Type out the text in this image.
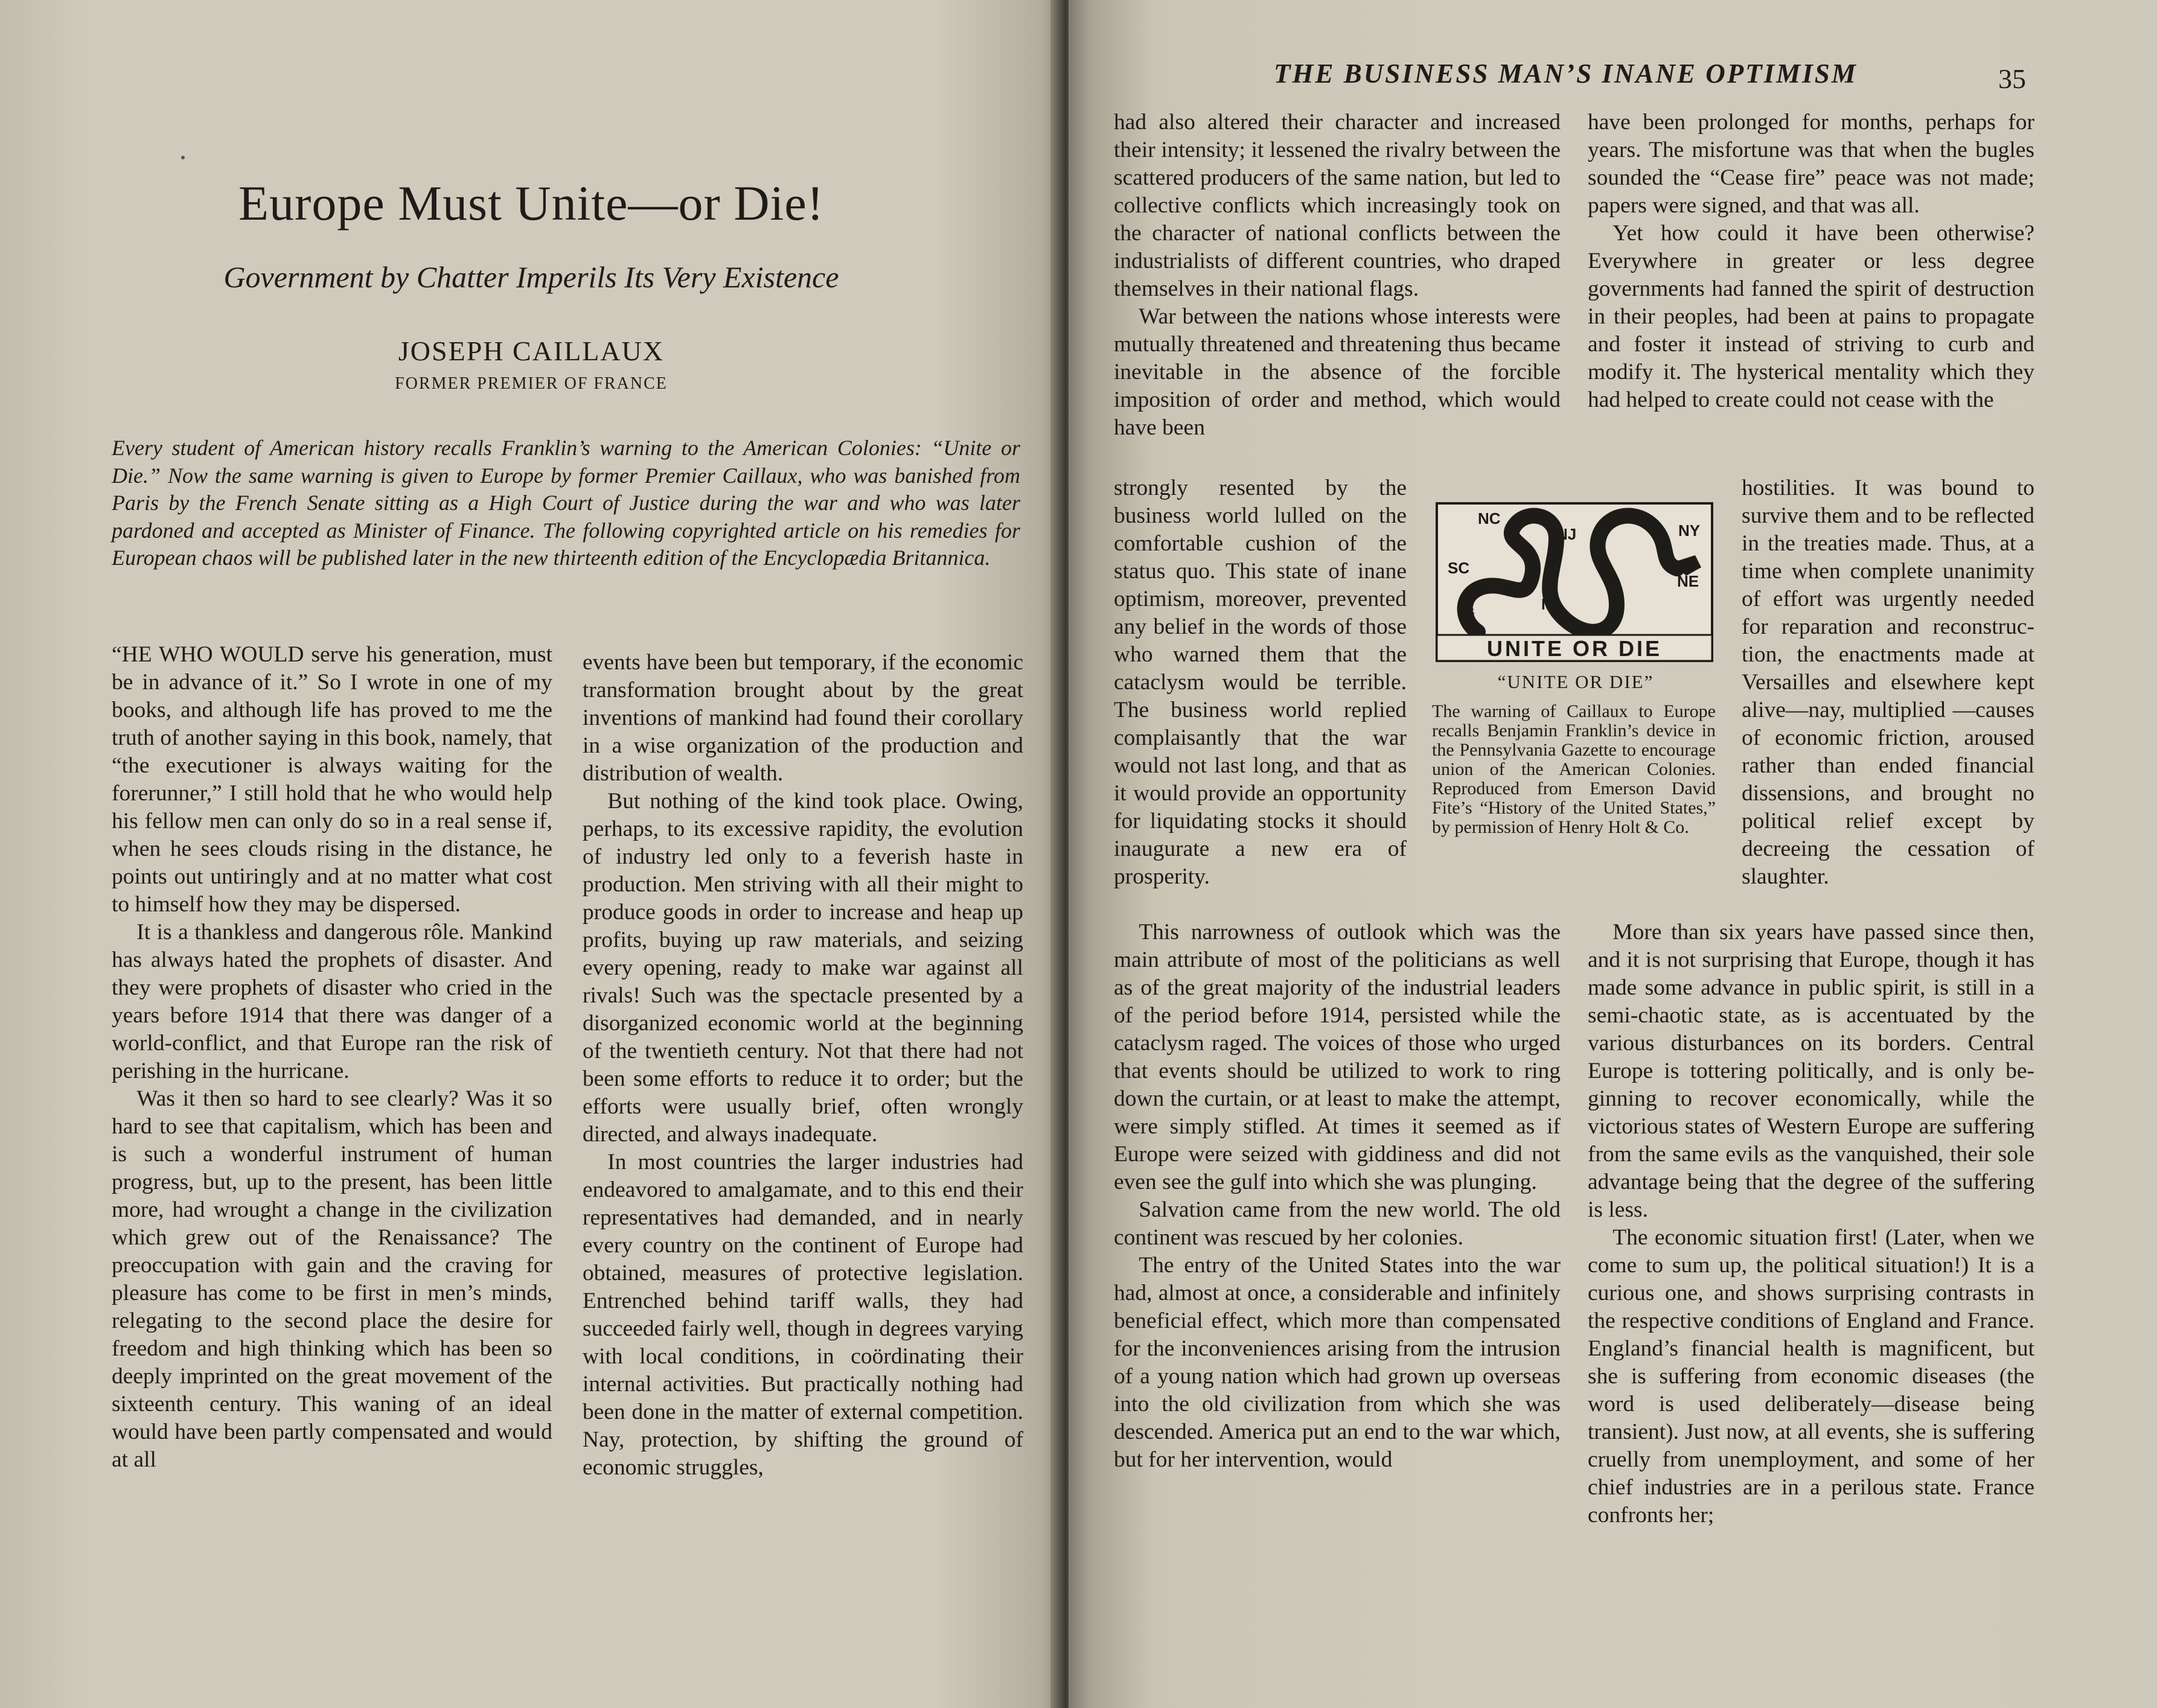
Europe Must Unite—or Die!
Government by Chatter Imperils Its Very Existence
JOSEPH CAILLAUX
FORMER PREMIER OF FRANCE
Every student of American history recalls Franklin’s warning to the American Colonies: “Unite or Die.” Now the same warning is given to Europe by former Premier Caillaux, who was banished from Paris by the French Senate sitting as a High Court of Justice during the war and who was later pardoned and accepted as Minister of Finance. The following copyrighted article on his remedies for European chaos will be published later in the new thirteenth edition of the Encyclopædia Britannica.

“HE WHO WOULD serve his generation, must be in advance of it.” So I wrote in one of my books, and although life has proved to me the truth of another saying in this book, namely, that “the executioner is always waiting for the forerunner,” I still hold that he who would help his fellow men can only do so in a real sense if, when he sees clouds rising in the distance, he points out untiringly and at no matter what cost to himself how they may be dispersed.

It is a thankless and dangerous rôle. Mankind has always hated the prophets of disaster. And they were prophets of disaster who cried in the years before 1914 that there was danger of a world-conflict, and that Europe ran the risk of perishing in the hurricane.

Was it then so hard to see clearly? Was it so hard to see that capitalism, which has been and is such a wonderful instrument of human progress, but, up to the present, has been little more, had wrought a change in the civilization which grew out of the Renaissance? The preoccupation with gain and the craving for pleasure has come to be first in men’s minds, relegating to the second place the desire for freedom and high thinking which has been so deeply imprinted on the great movement of the sixteenth century. This waning of an ideal would have been partly compensated and would at all

events have been but temporary, if the economic transformation brought about by the great inventions of mankind had found their corollary in a wise organization of the production and distribution of wealth.

But nothing of the kind took place. Owing, perhaps, to its excessive rapidity, the evolution of industry led only to a feverish haste in production. Men striving with all their might to produce goods in order to increase and heap up profits, buying up raw materials, and seizing every opening, ready to make war against all rivals! Such was the spectacle presented by a disorganized economic world at the beginning of the twentieth century. Not that there had not been some efforts to reduce it to order; but the efforts were usually brief, often wrongly directed, and always inadequate.

In most countries the larger industries had endeavored to amalgamate, and to this end their representatives had demanded, and in nearly every country on the continent of Europe had obtained, measures of protective legislation. Entrenched behind tariff walls, they had succeeded fairly well, though in degrees varying with local conditions, in coördinating their internal activities. But practically nothing had been done in the matter of external competition. Nay, protection, by shifting the ground of economic struggles,

THE BUSINESS MAN’S INANE OPTIMISM	35

had also altered their character and increased their intensity; it lessened the rivalry between the scattered producers of the same nation, but led to collective conflicts which increasingly took on the character of national conflicts between the industrialists of different countries, who draped themselves in their national flags.

War between the nations whose interests were mutually threatened and threatening thus became inevitable in the absence of the forcible imposition of order and method, which would have been

strongly resented by the business world lulled on the comfortable cushion of the status quo. This state of inane optimism, moreover, prevented any belief in the words of those who warned them that the cataclysm would be terrible. The business world replied complaisantly that the war would not last long, and that as it would provide an opportunity for liquidating stocks it should inaugurate a new era of prosperity.

This narrowness of outlook which was the main attribute of most of the politicians as well as of the great majority of the industrial leaders of the period before 1914, persisted while the cataclysm raged. The voices of those who urged that events should be utilized to work to ring down the curtain, or at least to make the attempt, were simply stifled. At times it seemed as if Europe were seized with giddiness and did not even see the gulf into which she was plunging.

Salvation came from the new world. The old continent was rescued by her colonies.

The entry of the United States into the war had, almost at once, a considerable and infinitely beneficial effect, which more than compensated for the inconveniences arising from the intrusion of a young nation which had grown up overseas into the old civilization from which she was descended. America put an end to the war which, but for her intervention, would

have been prolonged for months, perhaps for years. The misfortune was that when the bugles sounded the “Cease fire” peace was not made; papers were signed, and that was all.

Yet how could it have been otherwise? Everywhere in greater or less degree governments had fanned the spirit of destruction in their peoples, had been at pains to propagate and foster it instead of striving to curb and modify it. The hysterical mentality which they had helped to create could not cease with the

hostilities. It was bound to survive them and to be reflected in the treaties made. Thus, at a time when complete unanimity of effort was urgently needed for reparation and reconstruction, the enactments made at Versailles and elsewhere kept alive—nay, multiplied —causes of economic friction, aroused rather than ended financial dissensions, and brought no political relief except by decreeing the cessation of slaughter.

More than six years have passed since then, and it is not surprising that Europe, though it has made some advance in public spirit, is still in a semi-chaotic state, as is accentuated by the various disturbances on its borders. Central Europe is tottering politically, and is only beginning to recover economically, while the victorious states of Western Europe are suffering from the same evils as the vanquished, their sole advantage being that the degree of the suffering is less.

The economic situation first! (Later, when we come to sum up, the political situation!) It is a curious one, and shows surprising contrasts in the respective conditions of England and France. England’s financial health is magnificent, but she is suffering from economic diseases (the word is used deliberately—disease being transient). Just now, at all events, she is suffering cruelly from unemployment, and some of her chief industries are in a perilous state. France confronts her;

UNITE OR DIE
NC
NJ	NY
SC	V
NE
G	M
P
“UNITE OR DIE”
The warning of Caillaux to Europe recalls Benjamin Franklin’s device in the Pennsylvania Gazette to encourage union of the American Colonies. Reproduced from Emerson David Fite’s “History of the United States,” by permission of Henry Holt & Co.
